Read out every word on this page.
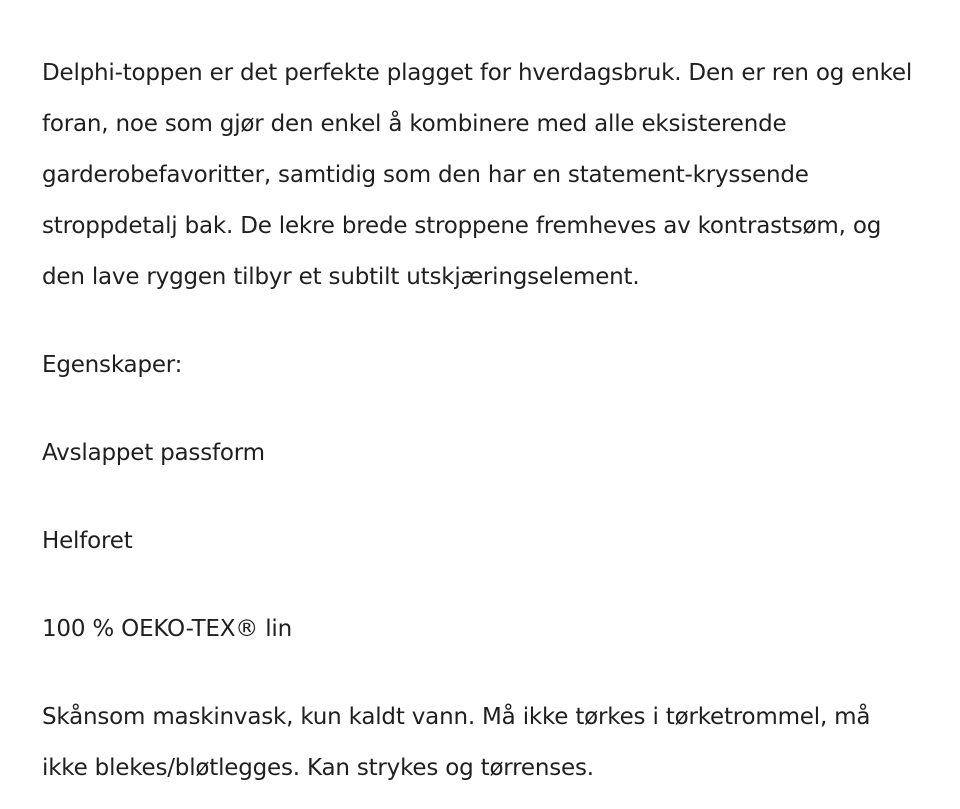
Delphi-toppen er det perfekte plagget for hverdagsbruk. Den er ren og enkel foran, noe som gjør den enkel å kombinere med alle eksisterende garderobefavoritter, samtidig som den har en statement-kryssende stroppdetalj bak. De lekre brede stroppene fremheves av kontrastsøm, og den lave ryggen tilbyr et subtilt utskjæringselement.

Egenskaper:

Avslappet passform

Helforet

100 % OEKO-TEX® lin

Skånsom maskinvask, kun kaldt vann. Må ikke tørkes i tørketrommel, må ikke blekes/bløtlegges. Kan strykes og tørrenses.
